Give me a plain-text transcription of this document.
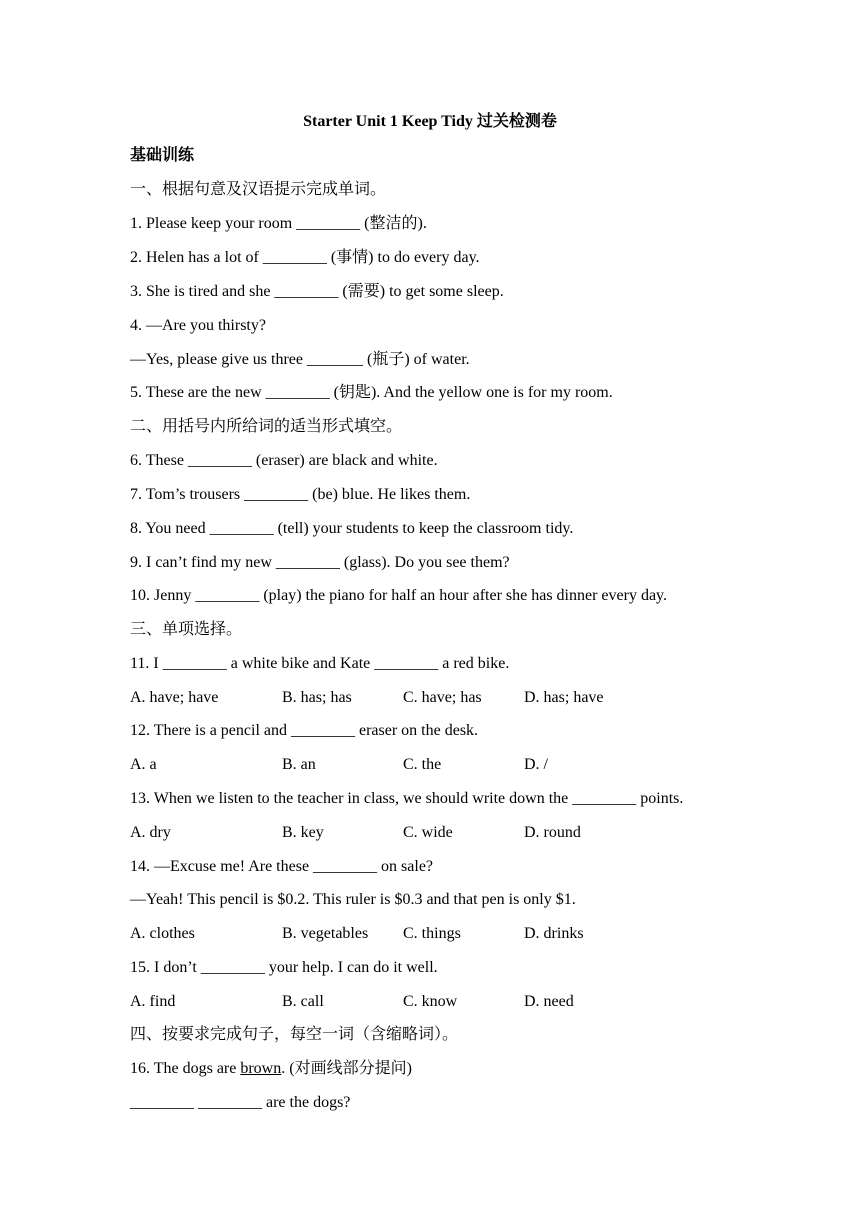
Starter Unit 1 Keep Tidy 过关检测卷
基础训练
一、根据句意及汉语提示完成单词。
1. Please keep your room ________ (整洁的).
2. Helen has a lot of ________ (事情) to do every day.
3. She is tired and she ________ (需要) to get some sleep.
4. —Are you thirsty?
—Yes, please give us three _______ (瓶子) of water.
5. These are the new ________ (钥匙). And the yellow one is for my room.
二、用括号内所给词的适当形式填空。
6. These ________ (eraser) are black and white.
7. Tom’s trousers ________ (be) blue. He likes them.
8. You need ________ (tell) your students to keep the classroom tidy.
9. I can’t find my new ________ (glass). Do you see them?
10. Jenny ________ (play) the piano for half an hour after she has dinner every day.
三、单项选择。
11. I ________ a white bike and Kate ________ a red bike.
A. have; have	B. has; has	C. have; has	D. has; have
12. There is a pencil and ________ eraser on the desk.
A. a	B. an	C. the	D. /
13. When we listen to the teacher in class, we should write down the ________ points.
A. dry	B. key	C. wide	D. round
14. —Excuse me! Are these ________ on sale?
—Yeah! This pencil is $0.2. This ruler is $0.3 and that pen is only $1.
A. clothes	B. vegetables C. things	D. drinks
15. I don’t ________ your help. I can do it well.
A. find	B. call	C. know	D. need
四、按要求完成句子，每空一词（含缩略词）。
16. The dogs are brown. (对画线部分提问)
________ ________ are the dogs?
